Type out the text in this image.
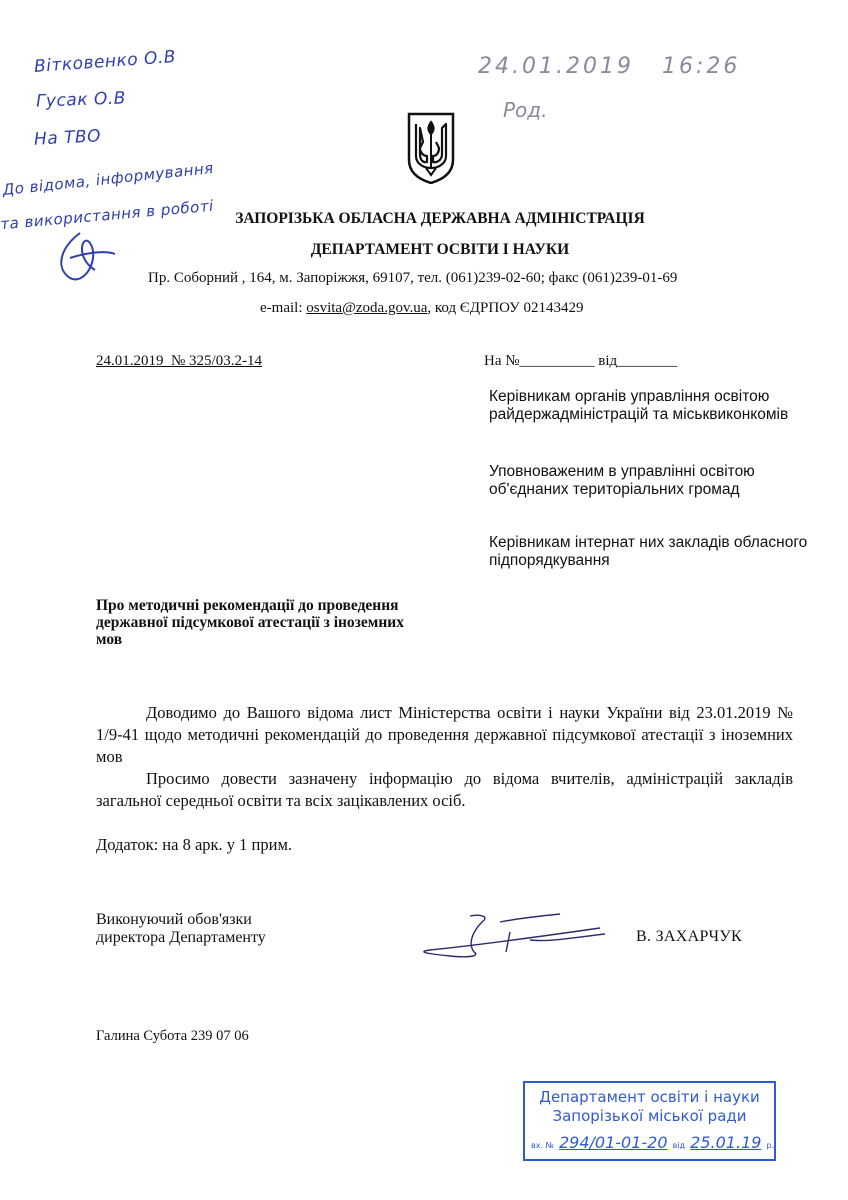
Вітковенко О.В
Гусак О.В
На ТВО
До відома, інформування
та використання в роботі
24.01.2019 16:26
Род.
ЗАПОРІЗЬКА ОБЛАСНА ДЕРЖАВНА АДМІНІСТРАЦІЯ
ДЕПАРТАМЕНТ ОСВІТИ І НАУКИ
Пр. Соборний , 164, м. Запоріжжя, 69107, тел. (061)239-02-60; факс (061)239-01-69
e-mail: osvita@zoda.gov.ua, код ЄДРПОУ 02143429
24.01.2019 № 325/03.2-14	На №__________ від________
Керівникам органів управління освітою райдержадміністрацій та міськвиконкомів
Уповноваженим в управлінні освітою об'єднаних територіальних громад
Керівникам інтернат них закладів обласного підпорядкування
Про методичні рекомендації до проведення державної підсумкової атестації з іноземних мов
Доводимо до Вашого відома лист Міністерства освіти і науки України від 23.01.2019 № 1/9-41 щодо методичні рекомендацій до проведення державної підсумкової атестації з іноземних мов
Просимо довести зазначену інформацію до відома вчителів, адміністрацій закладів загальної середньої освіти та всіх зацікавлених осіб.
Додаток: на 8 арк. у 1 прим.
Виконуючий обов'язки
директора Департаменту	В. ЗАХАРЧУК
Галина Субота 239 07 06
Департамент освіти і науки
Запорізької міської ради
вх. № 294/01-01-20 від 25.01.19 р.
